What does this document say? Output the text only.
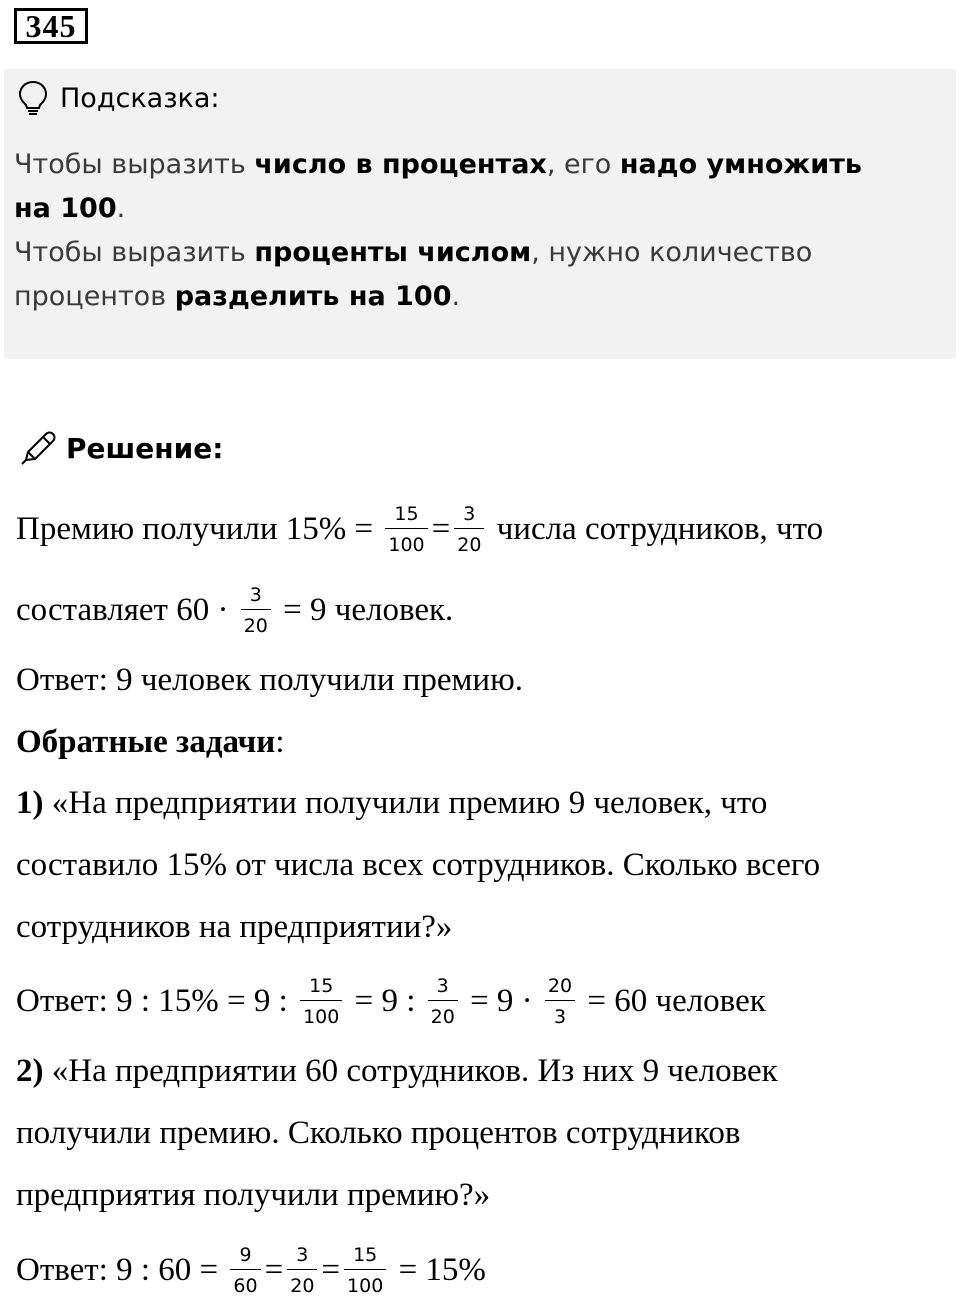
345
Подсказка:
Чтобы выразить число в процентах, его надо умножить
на 100.
Чтобы выразить проценты числом, нужно количество
процентов разделить на 100.
Решение:
Премию получили $15\% = \frac{15}{100} = \frac{3}{20}$ числа сотрудников, что
составляет $60 \cdot \frac{3}{20} = 9$ человек.
Ответ: 9 человек получили премию.
Обратные задачи:
1) «На предприятии получили премию 9 человек, что
составило 15% от числа всех сотрудников. Сколько всего
сотрудников на предприятии?»
Ответ: 9 : 15% = 9 : $\frac{15}{100} = 9$ : $\frac{3}{20} = 9 \cdot \frac{20}{3} = 60$ человек
2) «На предприятии 60 сотрудников. Из них 9 человек
получили премию. Сколько процентов сотрудников
предприятия получили премию?»
Ответ: 9 : $60 = \frac{9}{60} = \frac{3}{20} = \frac{15}{100} = 15\%$
